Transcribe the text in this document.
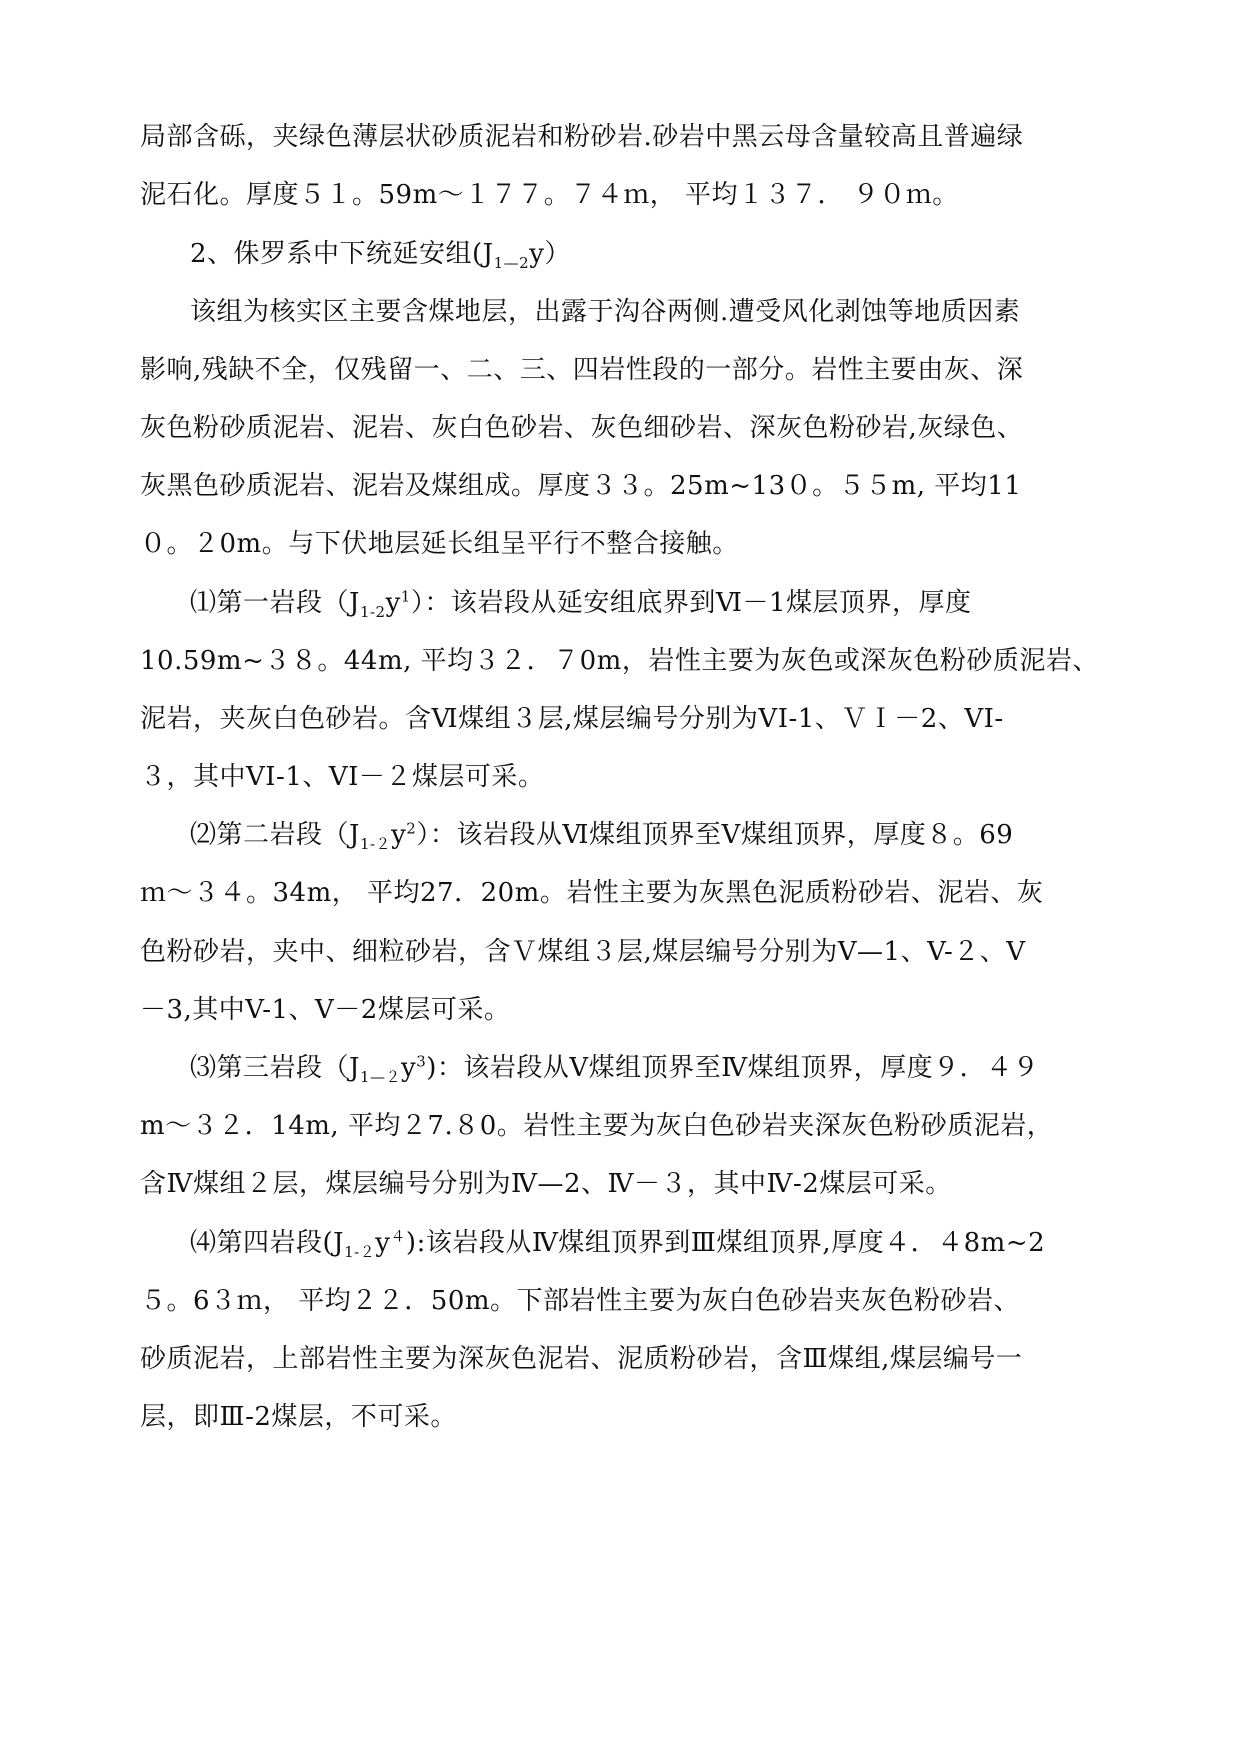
局部含砾，夹绿色薄层状砂质泥岩和粉砂岩.砂岩中黑云母含量较高且普遍绿
泥石化。厚度５１。59m～１７７。７４ｍ， 平均１３７． ９０ｍ。
2、侏罗系中下统延安组$(J_{1—2}y)$
该组为核实区主要含煤地层，出露于沟谷两侧.遭受风化剥蚀等地质因素
影响,残缺不全，仅残留一、二、三、四岩性段的一部分。岩性主要由灰、深
灰色粉砂质泥岩、泥岩、灰白色砂岩、灰色细砂岩、深灰色粉砂岩,灰绿色、
灰黑色砂质泥岩、泥岩及煤组成。厚度３３。25m~13０。５５m, 平均11
０。２0m。与下伏地层延长组呈平行不整合接触。
⑴第一岩段$(J_{1-2}y^1)$：该岩段从延安组底界到Ⅵ－1煤层顶界，厚度
10.59m~３８。44m, 平均３２．７0m，岩性主要为灰色或深灰色粉砂质泥岩、
泥岩，夹灰白色砂岩。含Ⅵ煤组３层,煤层编号分别为VI-1、ＶＩ－2、VI-
３，其中VI-1、VI－２煤层可采。
⑵第二岩段$(J_{1-2}y^2)$：该岩段从Ⅵ煤组顶界至Ⅴ煤组顶界，厚度８。69
ｍ～３４。34m， 平均27．20m。岩性主要为灰黑色泥质粉砂岩、泥岩、灰
色粉砂岩，夹中、细粒砂岩，含Ｖ煤组３层,煤层编号分别为V—1、V-２、V
－3,其中V-1、V－2煤层可采。
⑶第三岩段$(J_{1—2}y^3)$：该岩段从Ⅴ煤组顶界至Ⅳ煤组顶界，厚度９．４９
m～３２．14m, 平均２7.８0。岩性主要为灰白色砂岩夹深灰色粉砂质泥岩，
含Ⅳ煤组２层，煤层编号分别为Ⅳ—2、Ⅳ－３，其中Ⅳ-2煤层可采。
⑷第四岩段$(J_{1-2}y^4)$:该岩段从Ⅳ煤组顶界到Ⅲ煤组顶界,厚度４．４8m~2
５。6３ｍ， 平均２２．50m。下部岩性主要为灰白色砂岩夹灰色粉砂岩、
砂质泥岩，上部岩性主要为深灰色泥岩、泥质粉砂岩，含Ⅲ煤组,煤层编号一
层，即Ⅲ-2煤层，不可采。
